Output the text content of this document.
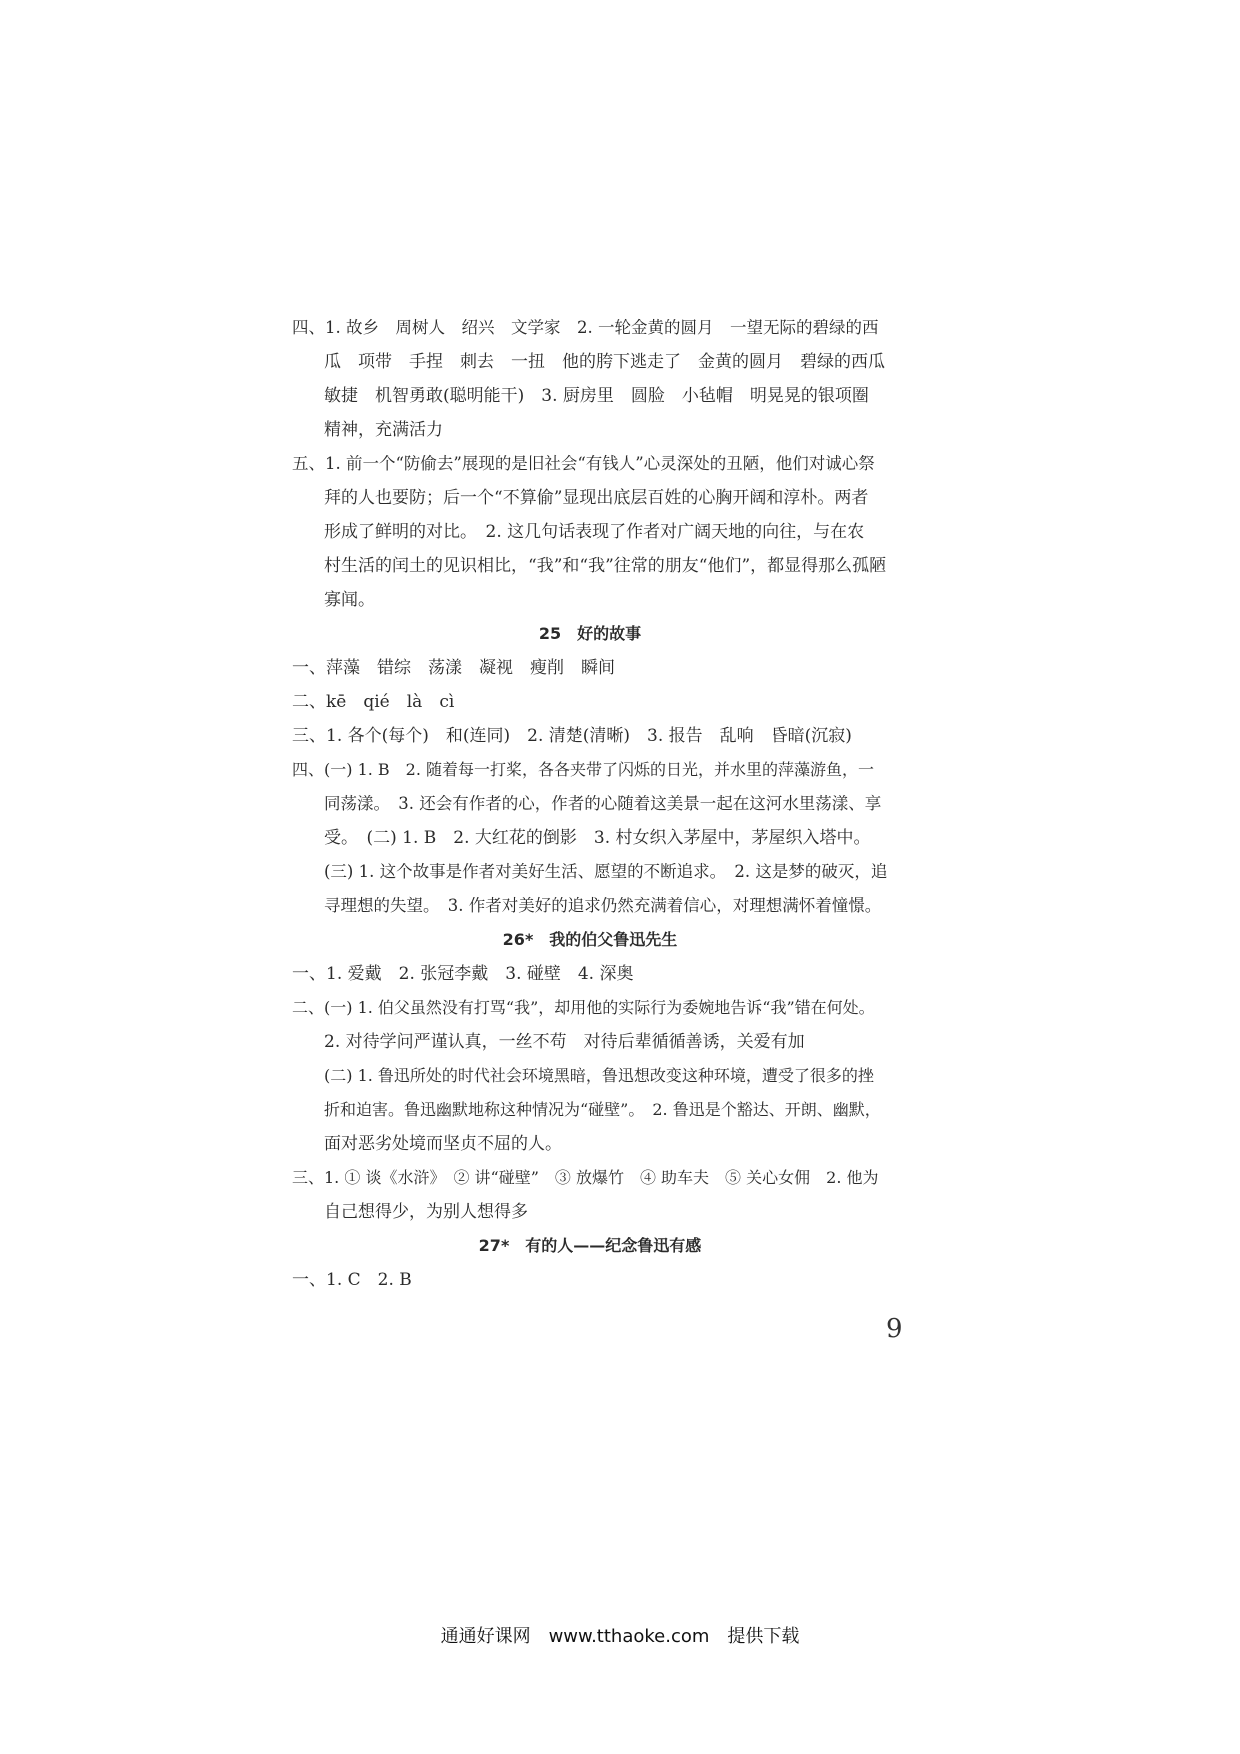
四、1. 故乡　周树人　绍兴　文学家　2. 一轮金黄的圆月　一望无际的碧绿的西
瓜　项带　手捏　刺去　一扭　他的胯下逃走了　金黄的圆月　碧绿的西瓜
敏捷　机智勇敢(聪明能干)　3. 厨房里　圆脸　小毡帽　明晃晃的银项圈
精神，充满活力
五、1. 前一个“防偷去”展现的是旧社会“有钱人”心灵深处的丑陋，他们对诚心祭
拜的人也要防；后一个“不算偷”显现出底层百姓的心胸开阔和淳朴。两者
形成了鲜明的对比。　2. 这几句话表现了作者对广阔天地的向往，与在农
村生活的闰土的见识相比，“我”和“我”往常的朋友“他们”，都显得那么孤陋
寡闻。
25　好的故事
一、萍藻　错综　荡漾　凝视　瘦削　瞬间
二、kē　qié　là　cì
三、1. 各个(每个)　和(连同)　2. 清楚(清晰)　3. 报告　乱响　昏暗(沉寂)
四、(一) 1. B　2. 随着每一打桨，各各夹带了闪烁的日光，并水里的萍藻游鱼，一
同荡漾。　3. 还会有作者的心，作者的心随着这美景一起在这河水里荡漾、享
受。　(二) 1. B　2. 大红花的倒影　3. 村女织入茅屋中，茅屋织入塔中。
(三) 1. 这个故事是作者对美好生活、愿望的不断追求。　2. 这是梦的破灭，追
寻理想的失望。　3. 作者对美好的追求仍然充满着信心，对理想满怀着憧憬。
26*　我的伯父鲁迅先生
一、1. 爱戴　2. 张冠李戴　3. 碰壁　4. 深奥
二、(一) 1. 伯父虽然没有打骂“我”，却用他的实际行为委婉地告诉“我”错在何处。
2. 对待学问严谨认真，一丝不苟　对待后辈循循善诱，关爱有加
(二) 1. 鲁迅所处的时代社会环境黑暗，鲁迅想改变这种环境，遭受了很多的挫
折和迫害。鲁迅幽默地称这种情况为“碰壁”。　2. 鲁迅是个豁达、开朗、幽默，
面对恶劣处境而坚贞不屈的人。
三、1. ① 谈《水浒》　② 讲“碰壁”　③ 放爆竹　④ 助车夫　⑤ 关心女佣　2. 他为
自己想得少，为别人想得多
27*　有的人——纪念鲁迅有感
一、1. C　2. B
9
通通好课网　www.tthaoke.com　提供下载
